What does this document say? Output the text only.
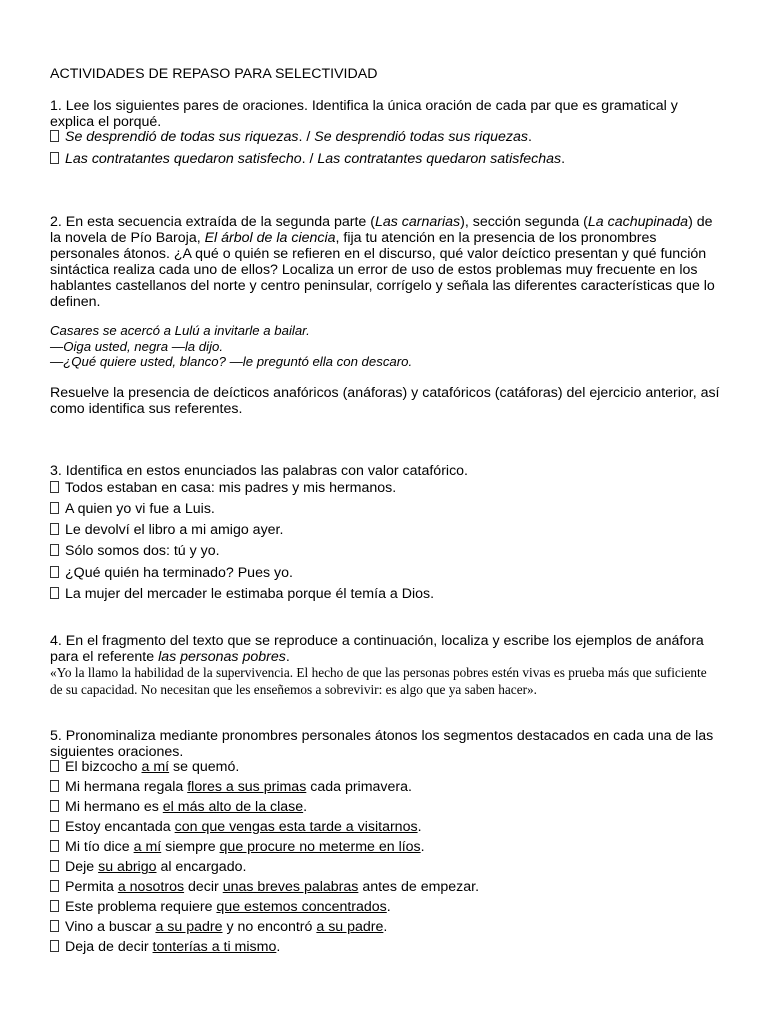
ACTIVIDADES DE REPASO PARA SELECTIVIDAD

1. Lee los siguientes pares de oraciones. Identifica la única oración de cada par que es gramatical y explica el porqué.

Se desprendió de todas sus riquezas. / Se desprendió todas sus riquezas.
Las contratantes quedaron satisfecho. / Las contratantes quedaron satisfechas.

2. En esta secuencia extraída de la segunda parte (Las carnarias), sección segunda (La cachupinada) de la novela de Pío Baroja, El árbol de la ciencia, fija tu atención en la presencia de los pronombres personales átonos. ¿A qué o quién se refieren en el discurso, qué valor deíctico presentan y qué función sintáctica realiza cada uno de ellos? Localiza un error de uso de estos problemas muy frecuente en los hablantes castellanos del norte y centro peninsular, corrígelo y señala las diferentes características que lo definen.

Casares se acercó a Lulú a invitarle a bailar.

—Oiga usted, negra —la dijo.

—¿Qué quiere usted, blanco? —le preguntó ella con descaro.

Resuelve la presencia de deícticos anafóricos (anáforas) y catafóricos (catáforas) del ejercicio anterior, así como identifica sus referentes.

3. Identifica en estos enunciados las palabras con valor catafórico.

Todos estaban en casa: mis padres y mis hermanos.
A quien yo vi fue a Luis.
Le devolví el libro a mi amigo ayer.
Sólo somos dos: tú y yo.
¿Qué quién ha terminado? Pues yo.
La mujer del mercader le estimaba porque él temía a Dios.

4. En el fragmento del texto que se reproduce a continuación, localiza y escribe los ejemplos de anáfora para el referente las personas pobres.

«Yo la llamo la habilidad de la supervivencia. El hecho de que las personas pobres estén vivas es prueba más que suficiente de su capacidad. No necesitan que les enseñemos a sobrevivir: es algo que ya saben hacer».

5. Pronominaliza mediante pronombres personales átonos los segmentos destacados en cada una de las siguientes oraciones.

El bizcocho a mí se quemó.
Mi hermana regala flores a sus primas cada primavera.
Mi hermano es el más alto de la clase.
Estoy encantada con que vengas esta tarde a visitarnos.
Mi tío dice a mí siempre que procure no meterme en líos.
Deje su abrigo al encargado.
Permita a nosotros decir unas breves palabras antes de empezar.
Este problema requiere que estemos concentrados.
Vino a buscar a su padre y no encontró a su padre.
Deja de decir tonterías a ti mismo.
